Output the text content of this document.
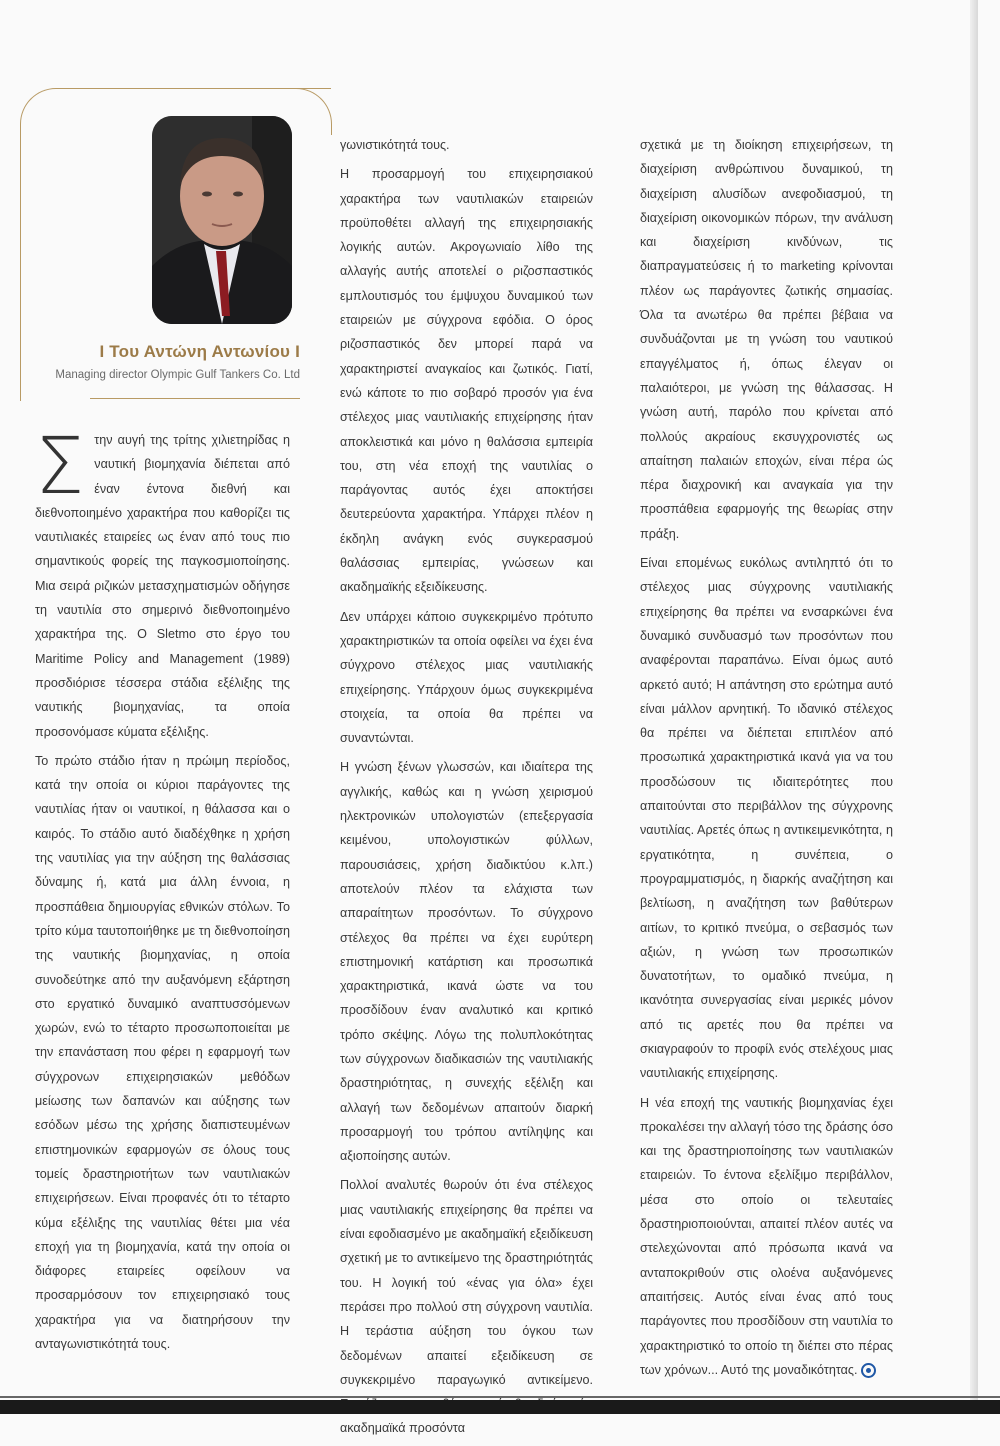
I Του Αντώνη Αντωνίου I
Managing director Olympic Gulf Tankers Co. Ltd

Στην αυγή της τρίτης χιλιετηρίδας η ναυτική βιομηχανία διέπεται από έναν έντονα διεθνή και διεθνοποιημένο χαρακτήρα που καθορίζει τις ναυτιλιακές εταιρείες ως έναν από τους πιο σημαντικούς φορείς της παγκοσμιοποίησης. Μια σειρά ριζικών μετασχηματισμών οδήγησε τη ναυτιλία στο σημερινό διεθνοποιημένο χαρακτήρα της. Ο Sletmo στο έργο του Maritime Policy and Management (1989) προσδιόρισε τέσσερα στάδια εξέλιξης της ναυτικής βιομηχανίας, τα οποία προσονόμασε κύματα εξέλιξης.

Το πρώτο στάδιο ήταν η πρώιμη περίοδος, κατά την οποία οι κύριοι παράγοντες της ναυτιλίας ήταν οι ναυτικοί, η θάλασσα και ο καιρός. Το στάδιο αυτό διαδέχθηκε η χρήση της ναυτιλίας για την αύξηση της θαλάσσιας δύναμης ή, κατά μια άλλη έννοια, η προσπάθεια δημιουργίας εθνικών στόλων. Το τρίτο κύμα ταυτοποιήθηκε με τη διεθνοποίηση της ναυτικής βιομηχανίας, η οποία συνοδεύτηκε από την αυξανόμενη εξάρτηση στο εργατικό δυναμικό αναπτυσσόμενων χωρών, ενώ το τέταρτο προσωποποιείται με την επανάσταση που φέρει η εφαρμογή των σύγχρονων επιχειρησιακών μεθόδων μείωσης των δαπανών και αύξησης των εσόδων μέσω της χρήσης διαπιστευμένων επιστημονικών εφαρμογών σε όλους τους τομείς δραστηριοτήτων των ναυτιλιακών επιχειρήσεων. Είναι προφανές ότι το τέταρτο κύμα εξέλιξης της ναυτιλίας θέτει μια νέα εποχή για τη βιομηχανία, κατά την οποία οι διάφορες εταιρείες οφείλουν να προσαρμόσουν τον επιχειρησιακό τους χαρακτήρα για να διατηρήσουν την ανταγωνιστικότητά τους.

γωνιστικότητά τους.

Η προσαρμογή του επιχειρησιακού χαρακτήρα των ναυτιλιακών εταιρειών προϋποθέτει αλλαγή της επιχειρησιακής λογικής αυτών. Ακρογωνιαίο λίθο της αλλαγής αυτής αποτελεί ο ριζοσπαστικός εμπλουτισμός του έμψυχου δυναμικού των εταιρειών με σύγχρονα εφόδια. Ο όρος ριζοσπαστικός δεν μπορεί παρά να χαρακτηριστεί αναγκαίος και ζωτικός. Γιατί, ενώ κάποτε το πιο σοβαρό προσόν για ένα στέλεχος μιας ναυτιλιακής επιχείρησης ήταν αποκλειστικά και μόνο η θαλάσσια εμπειρία του, στη νέα εποχή της ναυτιλίας ο παράγοντας αυτός έχει αποκτήσει δευτερεύοντα χαρακτήρα. Υπάρχει πλέον η έκδηλη ανάγκη ενός συγκερασμού θαλάσσιας εμπειρίας, γνώσεων και ακαδημαϊκής εξειδίκευσης.

Δεν υπάρχει κάποιο συγκεκριμένο πρότυπο χαρακτηριστικών τα οποία οφείλει να έχει ένα σύγχρονο στέλεχος μιας ναυτιλιακής επιχείρησης. Υπάρχουν όμως συγκεκριμένα στοιχεία, τα οποία θα πρέπει να συναντώνται.

Η γνώση ξένων γλωσσών, και ιδιαίτερα της αγγλικής, καθώς και η γνώση χειρισμού ηλεκτρονικών υπολογιστών (επεξεργασία κειμένου, υπολογιστικών φύλλων, παρουσιάσεις, χρήση διαδικτύου κ.λπ.) αποτελούν πλέον τα ελάχιστα των απαραίτητων προσόντων. Το σύγχρονο στέλεχος θα πρέπει να έχει ευρύτερη επιστημονική κατάρτιση και προσωπικά χαρακτηριστικά, ικανά ώστε να του προσδίδουν έναν αναλυτικό και κριτικό τρόπο σκέψης. Λόγω της πολυπλοκότητας των σύγχρονων διαδικασιών της ναυτιλιακής δραστηριότητας, η συνεχής εξέλιξη και αλλαγή των δεδομένων απαιτούν διαρκή προσαρμογή του τρόπου αντίληψης και αξιοποίησης αυτών.

Πολλοί αναλυτές θωρούν ότι ένα στέλεχος μιας ναυτιλιακής επιχείρησης θα πρέπει να είναι εφοδιασμένο με ακαδημαϊκή εξειδίκευση σχετική με το αντικείμενο της δραστηριότητάς του. Η λογική τού «ένας για όλα» έχει περάσει προ πολλού στη σύγχρονη ναυτιλία. Η τεράστια αύξηση του όγκου των δεδομένων απαιτεί εξειδίκευση σε συγκεκριμένο παραγωγικό αντικείμενο. ακαδημαϊκά προσόντα

σχετικά με τη διοίκηση επιχειρήσεων, τη διαχείριση ανθρώπινου δυναμικού, τη διαχείριση αλυσίδων ανεφοδιασμού, τη διαχείριση οικονομικών πόρων, την ανάλυση και διαχείριση κινδύνων, τις διαπραγματεύσεις ή το marketing κρίνονται πλέον ως παράγοντες ζωτικής σημασίας. Όλα τα ανωτέρω θα πρέπει βέβαια να συνδυάζονται με τη γνώση του ναυτικού επαγγέλματος ή, όπως έλεγαν οι παλαιότεροι, με γνώση της θάλασσας. Η γνώση αυτή, παρόλο που κρίνεται από πολλούς ακραίους εκσυγχρονιστές ως απαίτηση παλαιών εποχών, είναι πέρα ώς πέρα διαχρονική και αναγκαία για την προσπάθεια εφαρμογής της θεωρίας στην πράξη.

Είναι επομένως ευκόλως αντιληπτό ότι το στέλεχος μιας σύγχρονης ναυτιλιακής επιχείρησης θα πρέπει να ενσαρκώνει ένα δυναμικό συνδυασμό των προσόντων που αναφέρονται παραπάνω. Είναι όμως αυτό αρκετό αυτό; Η απάντηση στο ερώτημα αυτό είναι μάλλον αρνητική. Το ιδανικό στέλεχος θα πρέπει να διέπεται επιπλέον από προσωπικά χαρακτηριστικά ικανά για να του προσδώσουν τις ιδιαιτερότητες που απαιτούνται στο περιβάλλον της σύγχρονης ναυτιλίας. Αρετές όπως η αντικειμενικότητα, η εργατικότητα, η συνέπεια, ο προγραμματισμός, η διαρκής αναζήτηση και βελτίωση, η αναζήτηση των βαθύτερων αιτίων, το κριτικό πνεύμα, ο σεβασμός των αξιών, η γνώση των προσωπικών δυνατοτήτων, το ομαδικό πνεύμα, η ικανότητα συνεργασίας είναι μερικές μόνον από τις αρετές που θα πρέπει να σκιαγραφούν το προφίλ ενός στελέχους μιας ναυτιλιακής επιχείρησης.

Η νέα εποχή της ναυτικής βιομηχανίας έχει προκαλέσει την αλλαγή τόσο της δράσης όσο και της δραστηριοποίησης των ναυτιλιακών εταιρειών. Το έντονα εξελίξιμο περιβάλλον, μέσα στο οποίο οι τελευταίες δραστηριοποιούνται, απαιτεί πλέον αυτές να στελεχώνονται από πρόσωπα ικανά να ανταποκριθούν στις ολοένα αυξανόμενες απαιτήσεις. Αυτός είναι ένας από τους παράγοντες που προσδίδουν στη ναυτιλία το χαρακτηριστικό το οποίο τη διέπει στο πέρας των χρόνων... Αυτό της μοναδικότητας.
